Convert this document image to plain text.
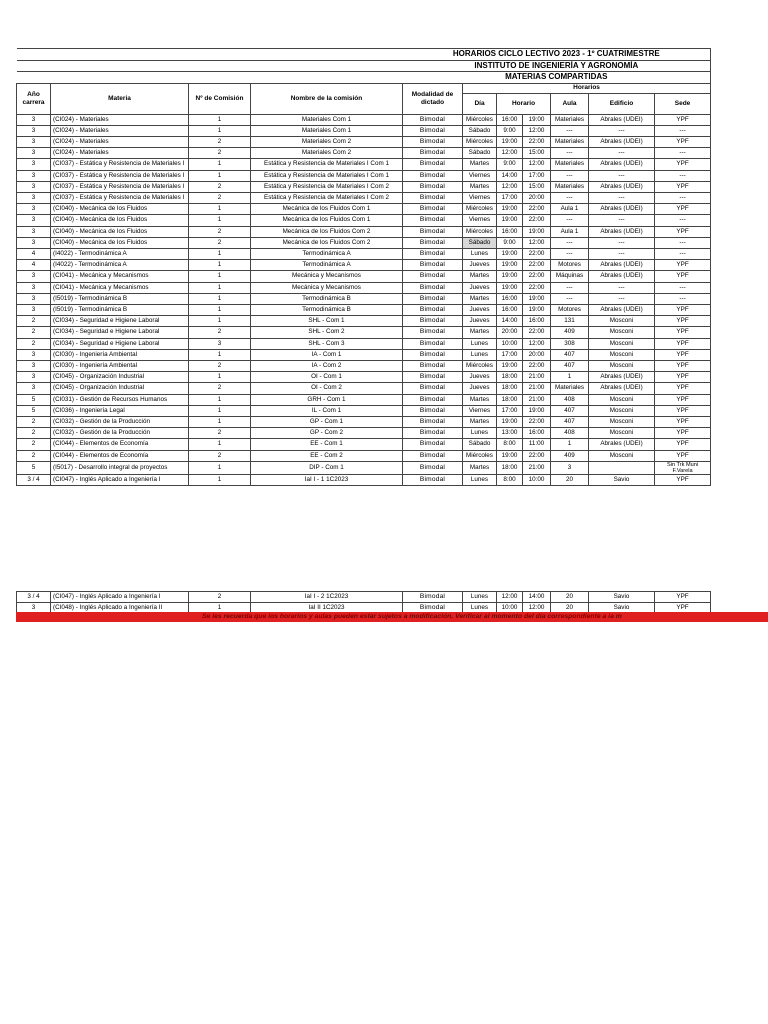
				HORARIOS CICLO LECTIVO 2023 - 1º CUATRIMESTRE						
				INSTITUTO DE INGENIERÍA Y AGRONOMÍA						
				MATERIAS COMPARTIDAS						
Año carrera	Materia	Nº de Comisión	Nombre de la comisión	Modalidad de dictado	Horarios					
					Día	Horario		Aula	Edificio	Sede
3	(CI024) - Materiales	1	Materiales Com 1	Bimodal	Miércoles	16:00	19:00	Materiales	Abrales (UDEI)	YPF
3	(CI024) - Materiales	1	Materiales Com 1	Bimodal	Sábado	9:00	12:00	---	---	---
3	(CI024) - Materiales	2	Materiales Com 2	Bimodal	Miércoles	19:00	22:00	Materiales	Abrales (UDEI)	YPF
3	(CI024) - Materiales	2	Materiales Com 2	Bimodal	Sábado	12:00	15:00	---	---	---
3	(CI037) - Estática y Resistencia de Materiales I	1	Estática y Resistencia de Materiales I Com 1	Bimodal	Martes	9:00	12:00	Materiales	Abrales (UDEI)	YPF
3	(CI037) - Estática y Resistencia de Materiales I	1	Estática y Resistencia de Materiales I Com 1	Bimodal	Viernes	14:00	17:00	---	---	---
3	(CI037) - Estática y Resistencia de Materiales I	2	Estática y Resistencia de Materiales I Com 2	Bimodal	Martes	12:00	15:00	Materiales	Abrales (UDEI)	YPF
3	(CI037) - Estática y Resistencia de Materiales I	2	Estática y Resistencia de Materiales I Com 2	Bimodal	Viernes	17:00	20:00	---	---	---
3	(CI040) - Mecánica de los Fluidos	1	Mecánica de los Fluidos Com 1	Bimodal	Miércoles	19:00	22:00	Aula 1	Abrales (UDEI)	YPF
3	(CI040) - Mecánica de los Fluidos	1	Mecánica de los Fluidos Com 1	Bimodal	Viernes	19:00	22:00	---	---	---
3	(CI040) - Mecánica de los Fluidos	2	Mecánica de los Fluidos Com 2	Bimodal	Miércoles	16:00	19:00	Aula 1	Abrales (UDEI)	YPF
3	(CI040) - Mecánica de los Fluidos	2	Mecánica de los Fluidos Com 2	Bimodal	Sábado	9:00	12:00	---	---	---
4	(I4022) - Termodinámica A	1	Termodinámica A	Bimodal	Lunes	19:00	22:00	---	---	---
4	(I4022) - Termodinámica A	1	Termodinámica A	Bimodal	Jueves	19:00	22:00	Motores	Abrales (UDEI)	YPF
3	(CI041) - Mecánica y Mecanismos	1	Mecánica y Mecanismos	Bimodal	Martes	19:00	22:00	Máquinas	Abrales (UDEI)	YPF
3	(CI041) - Mecánica y Mecanismos	1	Mecánica y Mecanismos	Bimodal	Jueves	19:00	22:00	---	---	---
3	(I5019) - Termodinámica B	1	Termodinámica B	Bimodal	Martes	16:00	19:00	---	---	---
3	(I5019) - Termodinámica B	1	Termodinámica B	Bimodal	Jueves	16:00	19:00	Motores	Abrales (UDEI)	YPF
2	(CI034) - Seguridad e Higiene Laboral	1	SHL - Com 1	Bimodal	Jueves	14:00	16:00	131	Mosconi	YPF
2	(CI034) - Seguridad e Higiene Laboral	2	SHL - Com 2	Bimodal	Martes	20:00	22:00	409	Mosconi	YPF
2	(CI034) - Seguridad e Higiene Laboral	3	SHL - Com 3	Bimodal	Lunes	10:00	12:00	308	Mosconi	YPF
3	(CI030) - Ingeniería Ambiental	1	IA - Com 1	Bimodal	Lunes	17:00	20:00	407	Mosconi	YPF
3	(CI030) - Ingeniería Ambiental	2	IA - Com 2	Bimodal	Miércoles	19:00	22:00	407	Mosconi	YPF
3	(CI045) - Organización Industrial	1	OI - Com 1	Bimodal	Jueves	18:00	21:00	1	Abrales (UDEI)	YPF
3	(CI045) - Organización Industrial	2	OI - Com 2	Bimodal	Jueves	18:00	21:00	Materiales	Abrales (UDEI)	YPF
5	(CI031) - Gestión de Recursos Humanos	1	GRH - Com 1	Bimodal	Martes	18:00	21:00	408	Mosconi	YPF
5	(CI036) - Ingeniería Legal	1	IL - Com 1	Bimodal	Viernes	17:00	19:00	407	Mosconi	YPF
2	(CI032) - Gestión de la Producción	1	GP - Com 1	Bimodal	Martes	19:00	22:00	407	Mosconi	YPF
2	(CI032) - Gestión de la Producción	2	GP - Com 2	Bimodal	Lunes	13:00	16:00	408	Mosconi	YPF
2	(CI044) - Elementos de Economía	1	EE - Com 1	Bimodal	Sábado	8:00	11:00	1	Abrales (UDEI)	YPF
2	(CI044) - Elementos de Economía	2	EE - Com 2	Bimodal	Miércoles	19:00	22:00	409	Mosconi	YPF
5	(I5017) - Desarrollo integral de proyectos	1	DIP - Com 1	Bimodal	Martes	18:00	21:00	3		Sin Trk Muni F.Varela
3 / 4	(CI047) - Inglés Aplicado a Ingeniería I	1	IaI I - 1 1C2023	Bimodal	Lunes	8:00	10:00	20	Savio	YPF
3 / 4	(CI047) - Inglés Aplicado a Ingeniería I	2	IaI I - 2 1C2023	Bimodal	Lunes	12:00	14:00	20	Savio	YPF
3	(CI048) - Inglés Aplicado a Ingeniería II	1	IaI II 1C2023	Bimodal	Lunes	10:00	12:00	20	Savio	YPF
Se les recuerda que los horarios y aulas pueden estar sujetos a modificación. Verificar al momento del día correspondiente a la m
